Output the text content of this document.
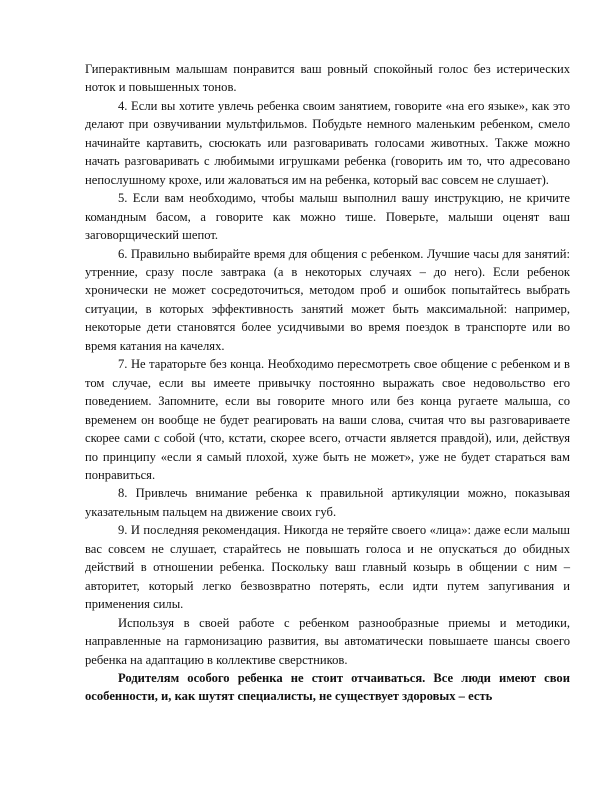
Гиперактивным малышам понравится ваш ровный спокойный голос без истерических ноток и повышенных тонов.

4. Если вы хотите увлечь ребенка своим занятием, говорите «на его языке», как это делают при озвучивании мультфильмов. Побудьте немного маленьким ребенком, смело начинайте картавить, сюсюкать или разговаривать голосами животных. Также можно начать разговаривать с любимыми игрушками ребенка (говорить им то, что адресовано непослушному крохе, или жаловаться им на ребенка, который вас совсем не слушает).

5. Если вам необходимо, чтобы малыш выполнил вашу инструкцию, не кричите командным басом, а говорите как можно тише. Поверьте, малыши оценят ваш заговорщический шепот.

6. Правильно выбирайте время для общения с ребенком. Лучшие часы для занятий: утренние, сразу после завтрака (а в некоторых случаях – до него). Если ребенок хронически не может сосредоточиться, методом проб и ошибок попытайтесь выбрать ситуации, в которых эффективность занятий может быть максимальной: например, некоторые дети становятся более усидчивыми во время поездок в транспорте или во время катания на качелях.

7. Не тараторьте без конца. Необходимо пересмотреть свое общение с ребенком и в том случае, если вы имеете привычку постоянно выражать свое недовольство его поведением. Запомните, если вы говорите много или без конца ругаете малыша, со временем он вообще не будет реагировать на ваши слова, считая что вы разговариваете скорее сами с собой (что, кстати, скорее всего, отчасти является правдой), или, действуя по принципу «если я самый плохой, хуже быть не может», уже не будет стараться вам понравиться.

8. Привлечь внимание ребенка к правильной артикуляции можно, показывая указательным пальцем на движение своих губ.

9. И последняя рекомендация. Никогда не теряйте своего «лица»: даже если малыш вас совсем не слушает, старайтесь не повышать голоса и не опускаться до обидных действий в отношении ребенка. Поскольку ваш главный козырь в общении с ним – авторитет, который легко безвозвратно потерять, если идти путем запугивания и применения силы.

Используя в своей работе с ребенком разнообразные приемы и методики, направленные на гармонизацию развития, вы автоматически повышаете шансы своего ребенка на адаптацию в коллективе сверстников.

Родителям особого ребенка не стоит отчаиваться. Все люди имеют свои особенности, и, как шутят специалисты, не существует здоровых – есть
